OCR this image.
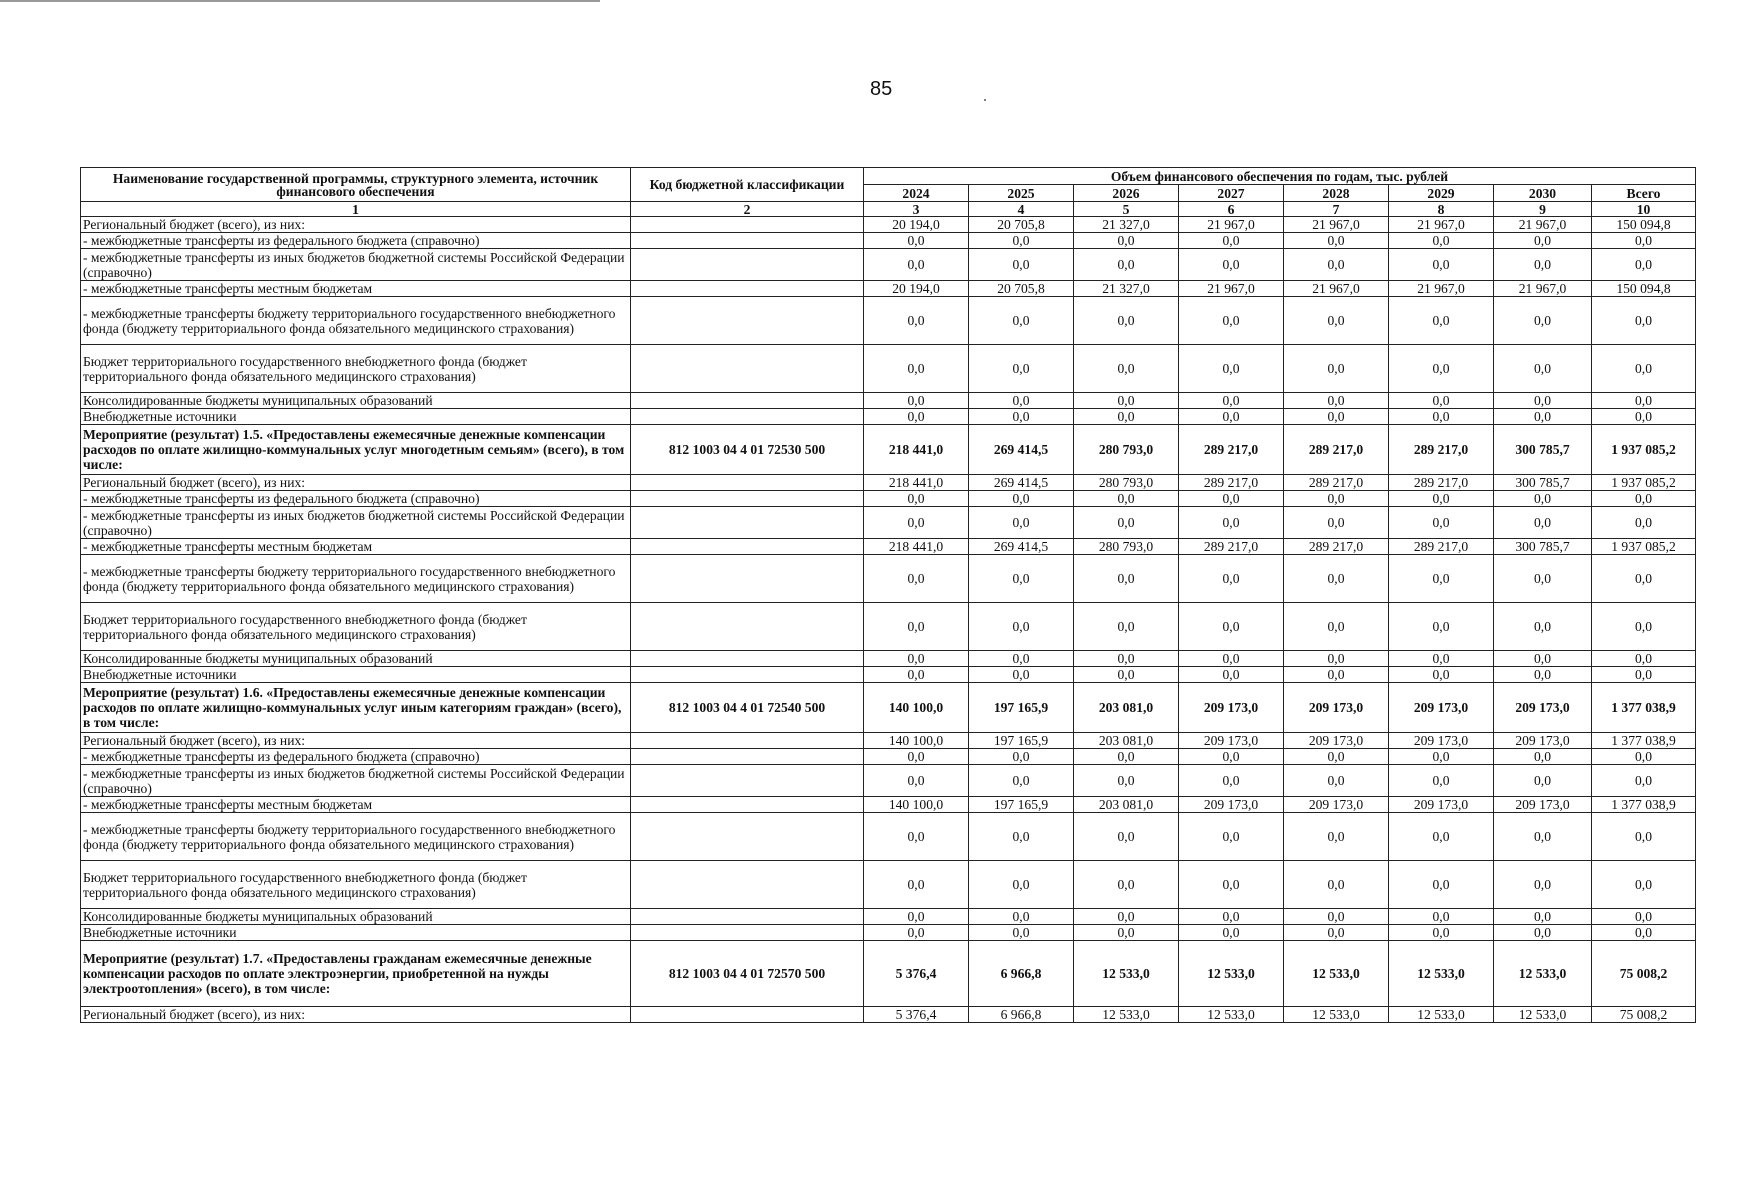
85
Наименование государственной программы, структурного элемента, источник финансового обеспечения	Код бюджетной классификации	Объем финансового обеспечения по годам, тыс. рублей							
		2024	2025	2026	2027	2028	2029	2030	Всего
1	2	3	4	5	6	7	8	9	10
Региональный бюджет (всего), из них:		20 194,0	20 705,8	21 327,0	21 967,0	21 967,0	21 967,0	21 967,0	150 094,8
- межбюджетные трансферты из федерального бюджета (справочно)		0,0	0,0	0,0	0,0	0,0	0,0	0,0	0,0
- межбюджетные трансферты из иных бюджетов бюджетной системы Российской Федерации (справочно)		0,0	0,0	0,0	0,0	0,0	0,0	0,0	0,0
- межбюджетные трансферты местным бюджетам		20 194,0	20 705,8	21 327,0	21 967,0	21 967,0	21 967,0	21 967,0	150 094,8
- межбюджетные трансферты бюджету территориального государственного внебюджетного фонда (бюджету территориального фонда обязательного медицинского страхования)		0,0	0,0	0,0	0,0	0,0	0,0	0,0	0,0
Бюджет территориального государственного внебюджетного фонда (бюджет территориального фонда обязательного медицинского страхования)		0,0	0,0	0,0	0,0	0,0	0,0	0,0	0,0
Консолидированные бюджеты муниципальных образований		0,0	0,0	0,0	0,0	0,0	0,0	0,0	0,0
Внебюджетные источники		0,0	0,0	0,0	0,0	0,0	0,0	0,0	0,0
Мероприятие (результат) 1.5. «Предоставлены ежемесячные денежные компенсации расходов по оплате жилищно-коммунальных услуг многодетным семьям» (всего), в том числе:	812 1003 04 4 01 72530 500	218 441,0	269 414,5	280 793,0	289 217,0	289 217,0	289 217,0	300 785,7	1 937 085,2
Региональный бюджет (всего), из них:		218 441,0	269 414,5	280 793,0	289 217,0	289 217,0	289 217,0	300 785,7	1 937 085,2
- межбюджетные трансферты из федерального бюджета (справочно)		0,0	0,0	0,0	0,0	0,0	0,0	0,0	0,0
- межбюджетные трансферты из иных бюджетов бюджетной системы Российской Федерации (справочно)		0,0	0,0	0,0	0,0	0,0	0,0	0,0	0,0
- межбюджетные трансферты местным бюджетам		218 441,0	269 414,5	280 793,0	289 217,0	289 217,0	289 217,0	300 785,7	1 937 085,2
- межбюджетные трансферты бюджету территориального государственного внебюджетного фонда (бюджету территориального фонда обязательного медицинского страхования)		0,0	0,0	0,0	0,0	0,0	0,0	0,0	0,0
Бюджет территориального государственного внебюджетного фонда (бюджет территориального фонда обязательного медицинского страхования)		0,0	0,0	0,0	0,0	0,0	0,0	0,0	0,0
Консолидированные бюджеты муниципальных образований		0,0	0,0	0,0	0,0	0,0	0,0	0,0	0,0
Внебюджетные источники		0,0	0,0	0,0	0,0	0,0	0,0	0,0	0,0
Мероприятие (результат) 1.6. «Предоставлены ежемесячные денежные компенсации расходов по оплате жилищно-коммунальных услуг иным категориям граждан» (всего), в том числе:	812 1003 04 4 01 72540 500	140 100,0	197 165,9	203 081,0	209 173,0	209 173,0	209 173,0	209 173,0	1 377 038,9
Региональный бюджет (всего), из них:		140 100,0	197 165,9	203 081,0	209 173,0	209 173,0	209 173,0	209 173,0	1 377 038,9
- межбюджетные трансферты из федерального бюджета (справочно)		0,0	0,0	0,0	0,0	0,0	0,0	0,0	0,0
- межбюджетные трансферты из иных бюджетов бюджетной системы Российской Федерации (справочно)		0,0	0,0	0,0	0,0	0,0	0,0	0,0	0,0
- межбюджетные трансферты местным бюджетам		140 100,0	197 165,9	203 081,0	209 173,0	209 173,0	209 173,0	209 173,0	1 377 038,9
- межбюджетные трансферты бюджету территориального государственного внебюджетного фонда (бюджету территориального фонда обязательного медицинского страхования)		0,0	0,0	0,0	0,0	0,0	0,0	0,0	0,0
Бюджет территориального государственного внебюджетного фонда (бюджет территориального фонда обязательного медицинского страхования)		0,0	0,0	0,0	0,0	0,0	0,0	0,0	0,0
Консолидированные бюджеты муниципальных образований		0,0	0,0	0,0	0,0	0,0	0,0	0,0	0,0
Внебюджетные источники		0,0	0,0	0,0	0,0	0,0	0,0	0,0	0,0
Мероприятие (результат) 1.7. «Предоставлены гражданам ежемесячные денежные компенсации расходов по оплате электроэнергии, приобретенной на нужды электроотопления» (всего), в том числе:	812 1003 04 4 01 72570 500	5 376,4	6 966,8	12 533,0	12 533,0	12 533,0	12 533,0	12 533,0	75 008,2
Региональный бюджет (всего), из них:		5 376,4	6 966,8	12 533,0	12 533,0	12 533,0	12 533,0	12 533,0	75 008,2
